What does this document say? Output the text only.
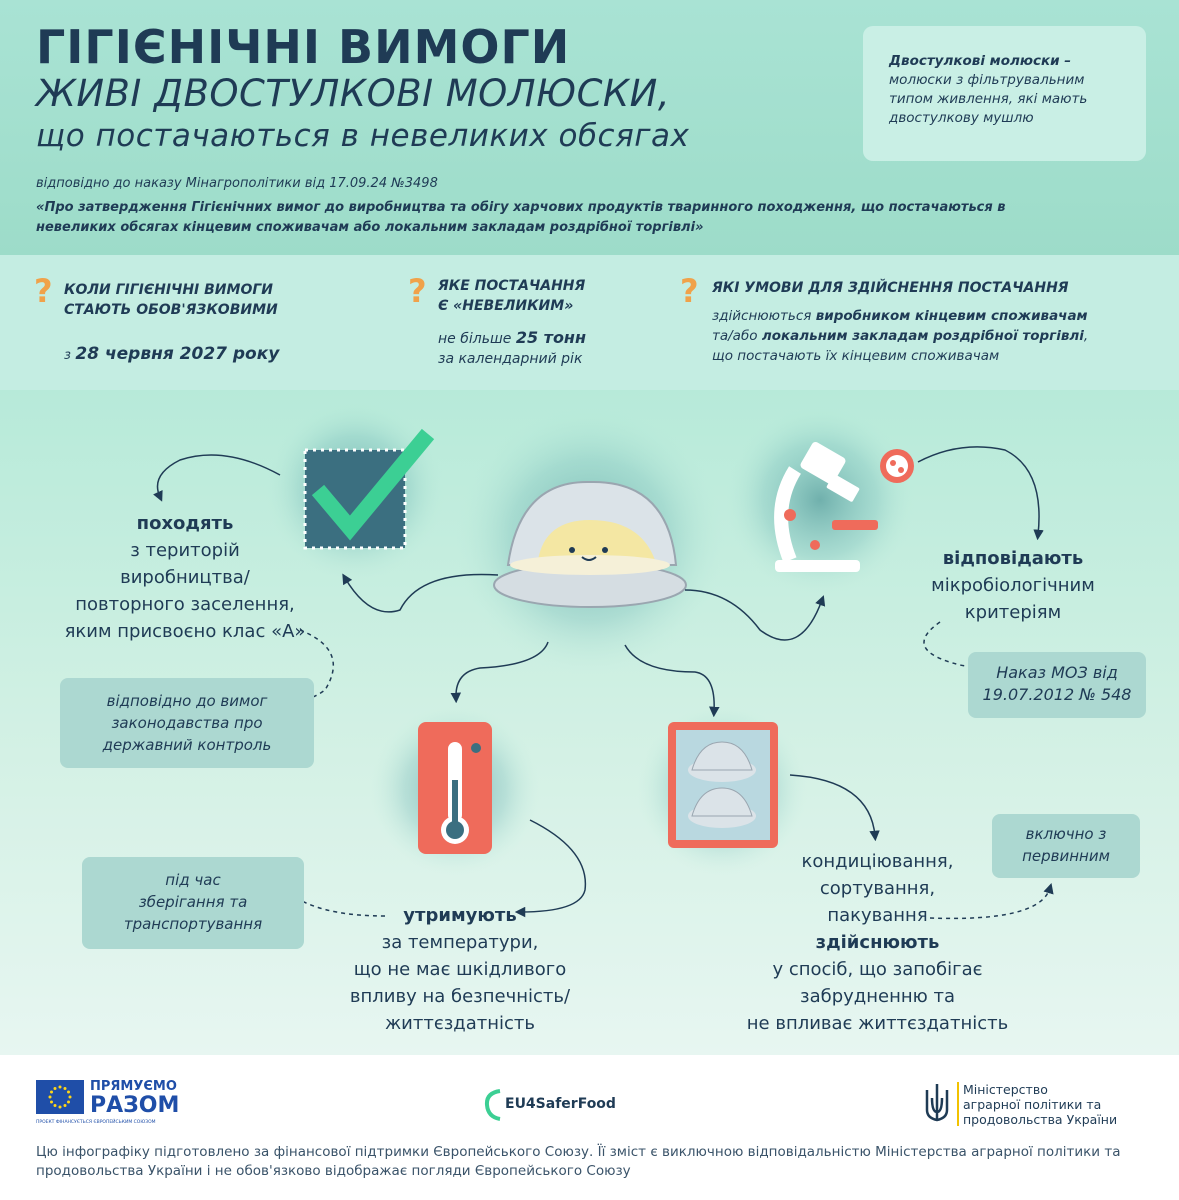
ГІГІЄНІЧНІ ВИМОГИ
ЖИВІ ДВОСТУЛКОВІ МОЛЮСКИ,
що постачаються в невеликих обсягах
відповідно до наказу Мінагрополітики від 17.09.24 №3498
«Про затвердження Гігієнічних вимог до виробництва та обігу харчових продуктів тваринного походження, що постачаються в невеликих обсягах кінцевим споживачам або локальним закладам роздрібної торгівлі»
Двостулкові молюски –
молюски з фільтрувальним типом живлення, які мають двостулкову мушлю
? КОЛИ ГІГІЄНІЧНІ ВИМОГИ
СТАЮТЬ ОБОВ'ЯЗКОВИМИ
з 28 червня 2027 року
? ЯКЕ ПОСТАЧАННЯ
Є «НЕВЕЛИКИМ»
не більше 25 тонн
за календарний рік
? ЯКІ УМОВИ ДЛЯ ЗДІЙСНЕННЯ ПОСТАЧАННЯ
здійснюються виробником кінцевим споживачам
та/або локальним закладам роздрібної торгівлі,
що постачають їх кінцевим споживачам
походять
з територій
виробництва/
повторного заселення,
яким присвоєно клас «А»
відповідно до вимог
законодавства про
державний контроль
відповідають
мікробіологічним
критеріям
Наказ МОЗ від
19.07.2012 № 548
утримують
за температури,
що не має шкідливого
впливу на безпечність/
життєздатність
під час
зберігання та
транспортування
кондиціювання,
сортування,
пакування
здійснюють
у спосіб, що запобігає
забрудненню та
не впливає життєздатність
включно з
первинним
ПРЯМУЄМО
РАЗОМ
ПРОЕКТ ФІНАНСУЄТЬСЯ ЄВРОПЕЙСЬКИМ СОЮЗОМ
EU4SaferFood
Міністерство
аграрної політики та
продовольства України
Цю інфографіку підготовлено за фінансової підтримки Європейського Союзу. Її зміст є виключною відповідальністю Міністерства аграрної політики та продовольства України і не обов'язково відображає погляди Європейського Союзу
